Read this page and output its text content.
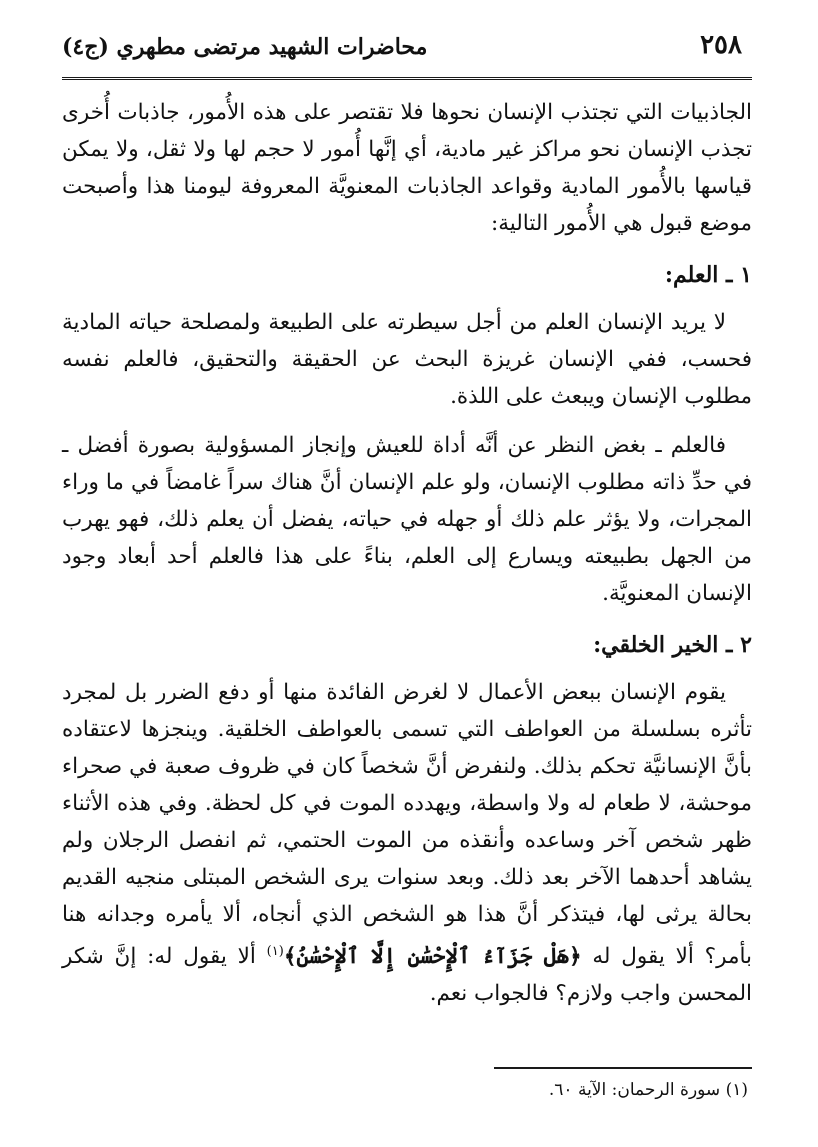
٢٥٨
محاضرات الشهيد مرتضى مطهري (ج٤)

الجاذبيات التي تجتذب الإنسان نحوها فلا تقتصر على هذه الأُمور، جاذبات أُخرى تجذب الإنسان نحو مراكز غير مادية، أي إنَّها أُمور لا حجم لها ولا ثقل، ولا يمكن قياسها بالأُمور المادية وقواعد الجاذبات المعنويَّة المعروفة ليومنا هذا وأصبحت موضع قبول هي الأُمور التالية:

١ ـ العلم:

لا يريد الإنسان العلم من أجل سيطرته على الطبيعة ولمصلحة حياته المادية فحسب، ففي الإنسان غريزة البحث عن الحقيقة والتحقيق، فالعلم نفسه مطلوب الإنسان ويبعث على اللذة.

فالعلم ـ بغض النظر عن أنَّه أداة للعيش وإنجاز المسؤولية بصورة أفضل ـ في حدِّ ذاته مطلوب الإنسان، ولو علم الإنسان أنَّ هناك سراً غامضاً في ما وراء المجرات، ولا يؤثر علم ذلك أو جهله في حياته، يفضل أن يعلم ذلك، فهو يهرب من الجهل بطبيعته ويسارع إلى العلم، بناءً على هذا فالعلم أحد أبعاد وجود الإنسان المعنويَّة.

٢ ـ الخير الخلقي:

يقوم الإنسان ببعض الأعمال لا لغرض الفائدة منها أو دفع الضرر بل لمجرد تأثره بسلسلة من العواطف التي تسمى بالعواطف الخلقية. وينجزها لاعتقاده بأنَّ الإنسانيَّة تحكم بذلك. ولنفرض أنَّ شخصاً كان في ظروف صعبة في صحراء موحشة، لا طعام له ولا واسطة، ويهدده الموت في كل لحظة. وفي هذه الأثناء ظهر شخص آخر وساعده وأنقذه من الموت الحتمي، ثم انفصل الرجلان ولم يشاهد أحدهما الآخر بعد ذلك. وبعد سنوات يرى الشخص المبتلى منجيه القديم بحالة يرثى لها، فيتذكر أنَّ هذا هو الشخص الذي أنجاه، ألا يأمره وجدانه هنا بأمر؟ ألا يقول له ﴿هَلْ جَزَآءُ ٱلْإِحْسَٰنِ إِلَّا ٱلْإِحْسَٰنُ﴾$^{(١)}$ ألا يقول له: إنَّ شكر المحسن واجب ولازم؟ فالجواب نعم.

(١) سورة الرحمان: الآية ٦٠.
